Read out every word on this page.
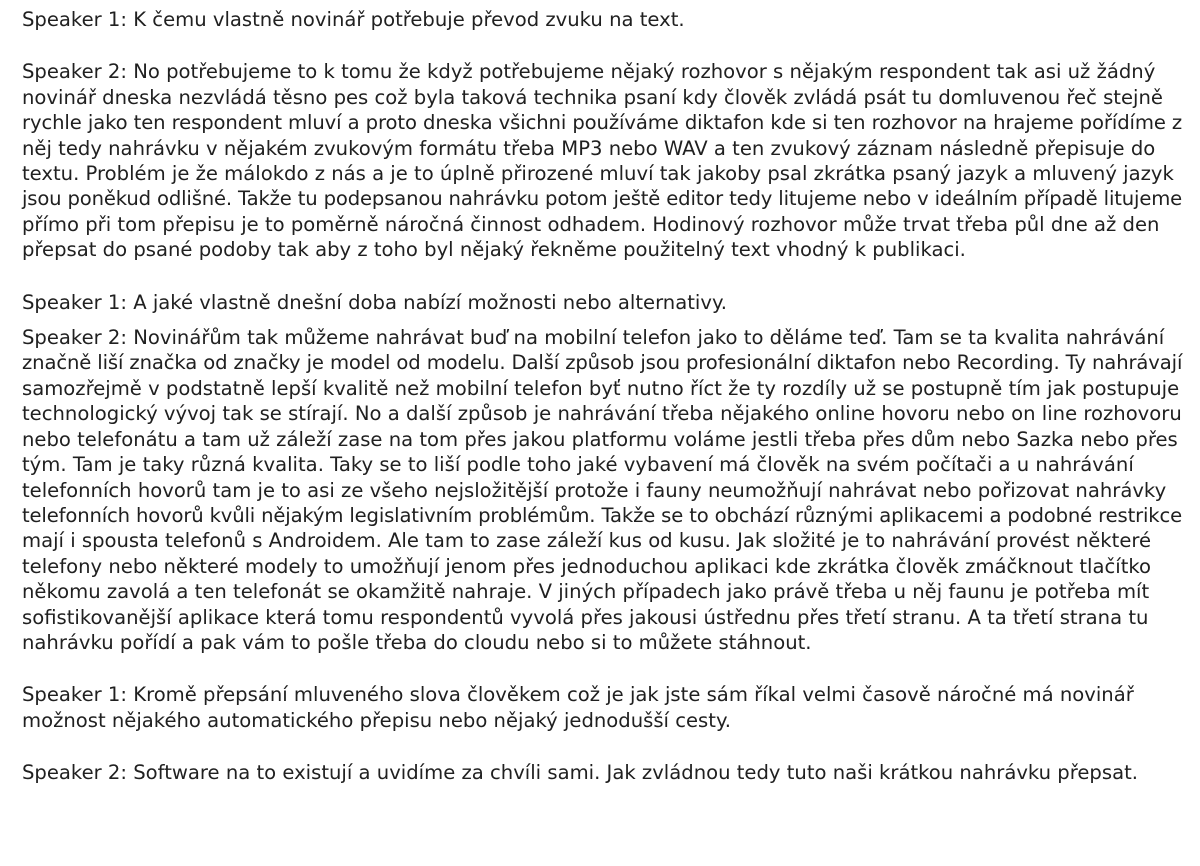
Speaker 1: K čemu vlastně novinář potřebuje převod zvuku na text.

Speaker 2: No potřebujeme to k tomu že když potřebujeme nějaký rozhovor s nějakým respondent tak asi už žádný
novinář dneska nezvládá těsno pes což byla taková technika psaní kdy člověk zvládá psát tu domluvenou řeč stejně
rychle jako ten respondent mluví a proto dneska všichni používáme diktafon kde si ten rozhovor na hrajeme pořídíme z
něj tedy nahrávku v nějakém zvukovým formátu třeba MP3 nebo WAV a ten zvukový záznam následně přepisuje do
textu. Problém je že málokdo z nás a je to úplně přirozené mluví tak jakoby psal zkrátka psaný jazyk a mluvený jazyk
jsou poněkud odlišné. Takže tu podepsanou nahrávku potom ještě editor tedy litujeme nebo v ideálním případě litujeme
přímo při tom přepisu je to poměrně náročná činnost odhadem. Hodinový rozhovor může trvat třeba půl dne až den
přepsat do psané podoby tak aby z toho byl nějaký řekněme použitelný text vhodný k publikaci.

Speaker 1: A jaké vlastně dnešní doba nabízí možnosti nebo alternativy.

Speaker 2: Novinářům tak můžeme nahrávat buď na mobilní telefon jako to děláme teď. Tam se ta kvalita nahrávání
značně liší značka od značky je model od modelu. Další způsob jsou profesionální diktafon nebo Recording. Ty nahrávají
samozřejmě v podstatně lepší kvalitě než mobilní telefon byť nutno říct že ty rozdíly už se postupně tím jak postupuje
technologický vývoj tak se stírají. No a další způsob je nahrávání třeba nějakého online hovoru nebo on line rozhovoru
nebo telefonátu a tam už záleží zase na tom přes jakou platformu voláme jestli třeba přes dům nebo Sazka nebo přes
tým. Tam je taky různá kvalita. Taky se to liší podle toho jaké vybavení má člověk na svém počítači a u nahrávání
telefonních hovorů tam je to asi ze všeho nejsložitější protože i fauny neumožňují nahrávat nebo pořizovat nahrávky
telefonních hovorů kvůli nějakým legislativním problémům. Takže se to obchází různými aplikacemi a podobné restrikce
mají i spousta telefonů s Androidem. Ale tam to zase záleží kus od kusu. Jak složité je to nahrávání provést některé
telefony nebo některé modely to umožňují jenom přes jednoduchou aplikaci kde zkrátka člověk zmáčknout tlačítko
někomu zavolá a ten telefonát se okamžitě nahraje. V jiných případech jako právě třeba u něj faunu je potřeba mít
sofistikovanější aplikace která tomu respondentů vyvolá přes jakousi ústřednu přes třetí stranu. A ta třetí strana tu
nahrávku pořídí a pak vám to pošle třeba do cloudu nebo si to můžete stáhnout.

Speaker 1: Kromě přepsání mluveného slova člověkem což je jak jste sám říkal velmi časově náročné má novinář
možnost nějakého automatického přepisu nebo nějaký jednodušší cesty.

Speaker 2: Software na to existují a uvidíme za chvíli sami. Jak zvládnou tedy tuto naši krátkou nahrávku přepsat.
